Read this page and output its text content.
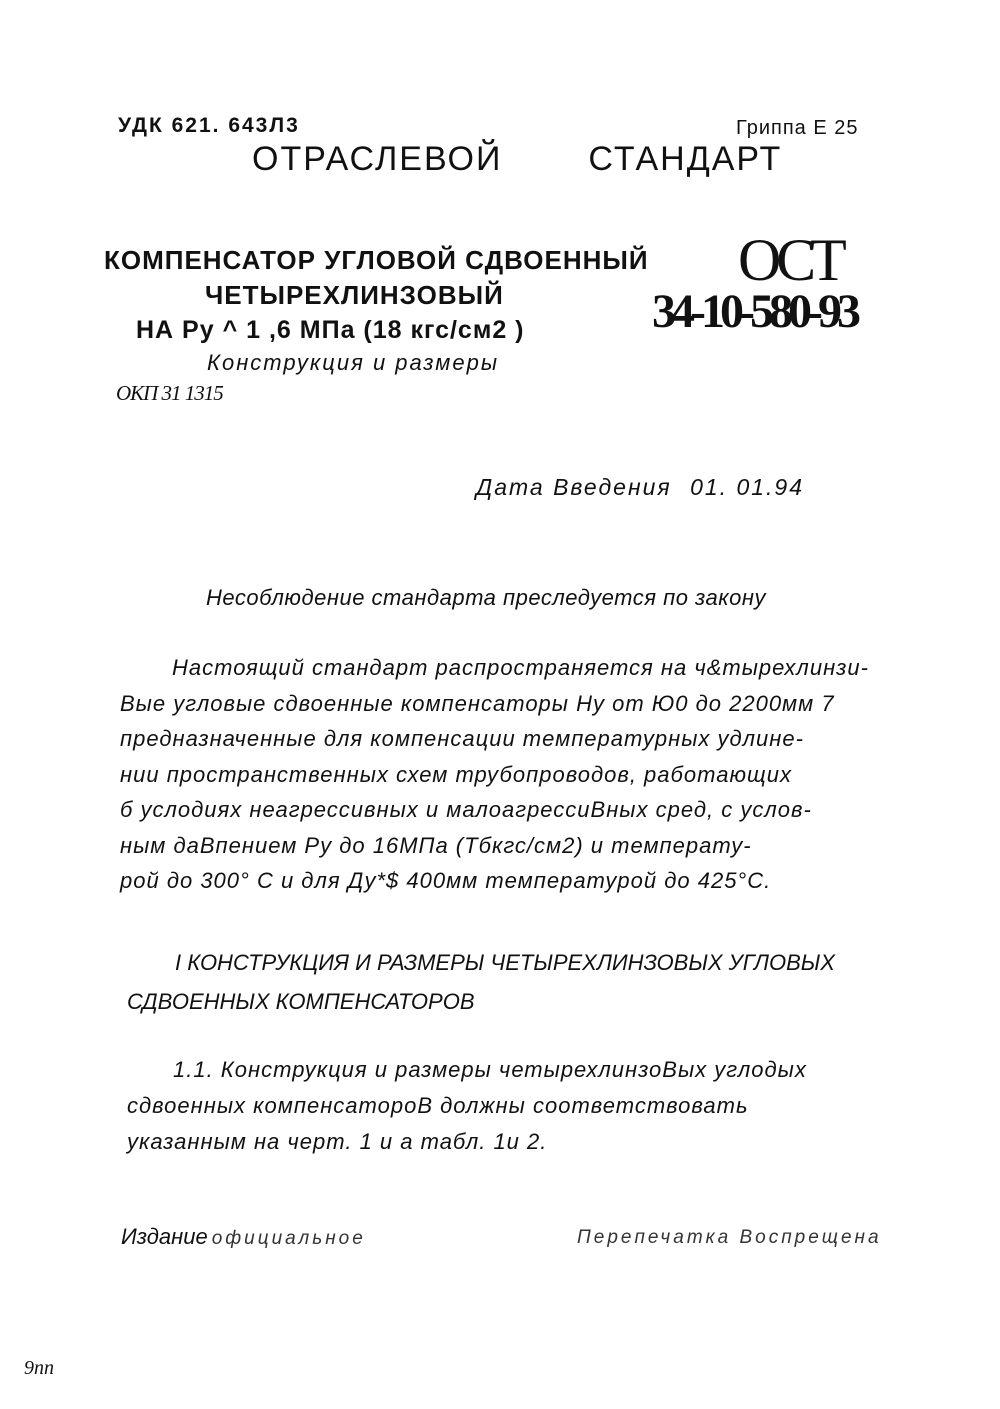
УДК 621. 643Л3	Гриппа Е 25
ОТРАСЛЕВОЙ	СТАНДАРТ
КОМПЕНСАТОР УГЛОВОЙ СДВОЕННЫЙ
ЧЕТЫРЕХЛИНЗОВЫЙ
НА Ру ^ 1 ,6 МПа (18 кгс/см2 )
Конструкция и размеры
ОКП 31 1315
ОСТ
34-10-580-93
Дата Введения 01. 01.94
Несоблюдение стандарта преследуется по закону
Настоящий стандарт распространяется на ч&тырехлинзи-
Вые угловые сдвоенные компенсаторы Ну от Ю0 до 2200мм 7
предназначенные для компенсации температурных удлине-
нии пространственных схем трубопроводов, работающих
б услодиях неагрессивных и малоагрессиВных сред, с услов-
ным даВпением Ру до 16МПа (Тбкгс/см2) и температу-
рой до 300° С и для Ду*$ 400мм температурой до 425°С.
I КОНСТРУКЦИЯ И РАЗМЕРЫ ЧЕТЫРЕХЛИНЗОВЫХ УГЛОВЫХ
СДВОЕННЫХ КОМПЕНСАТОРОВ
1.1. Конструкция и размеры четырехлинзоВых углодых
сдвоенных компенсатороВ должны соответствовать
указанным на черт. 1 и а табл. 1и 2.
Издание официальное	Перепечатка Воспрещена
9пп
